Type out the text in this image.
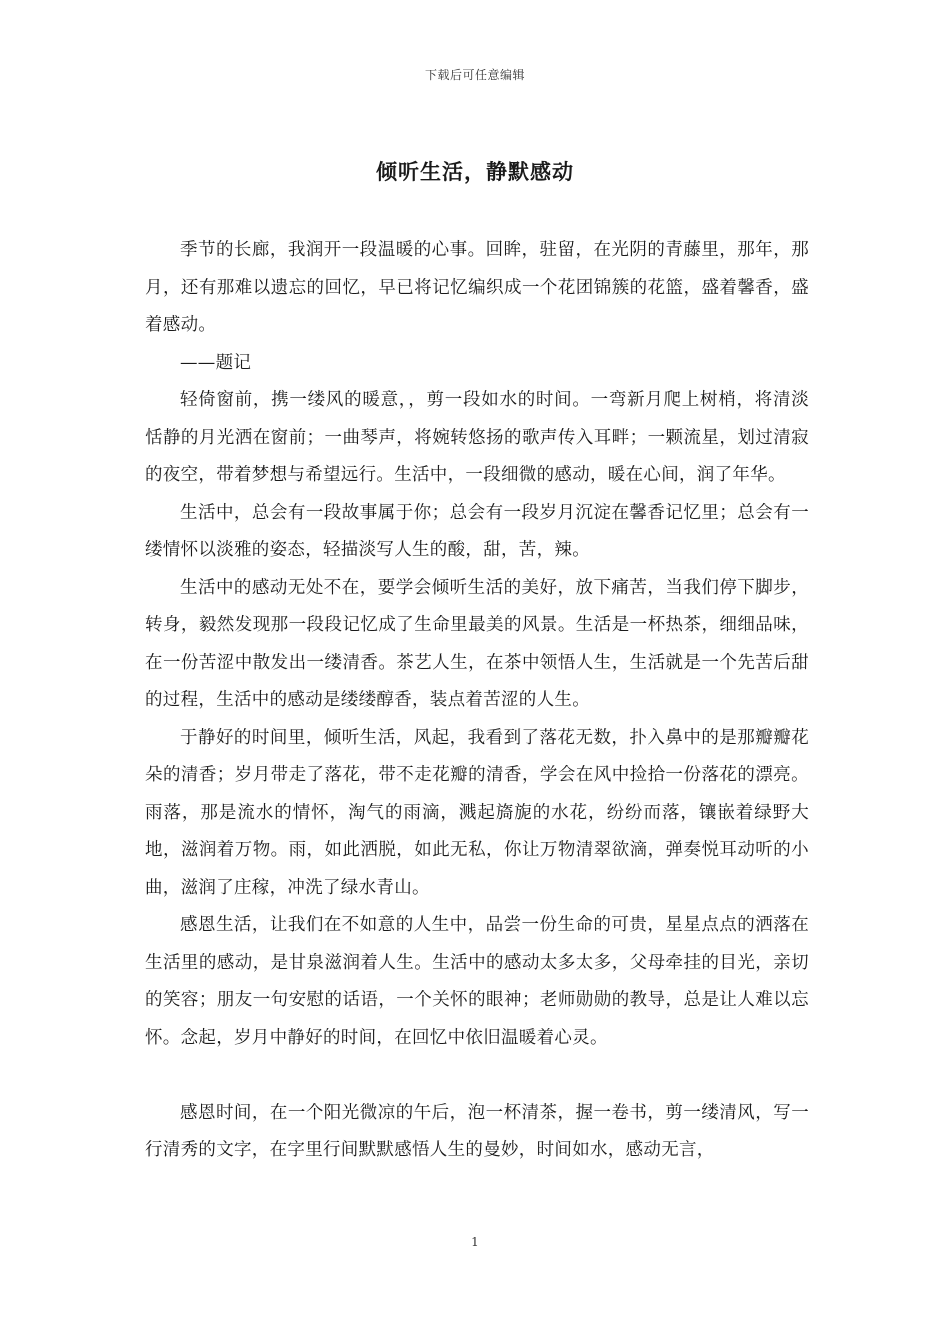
下载后可任意编辑
倾听生活，静默感动

季节的长廊，我润开一段温暖的心事。回眸，驻留，在光阴的青藤里，那年，那月，还有那难以遗忘的回忆，早已将记忆编织成一个花团锦簇的花篮，盛着馨香，盛着感动。

——题记

轻倚窗前，携一缕风的暖意，，剪一段如水的时间。一弯新月爬上树梢，将清淡恬静的月光洒在窗前；一曲琴声，将婉转悠扬的歌声传入耳畔；一颗流星，划过清寂的夜空，带着梦想与希望远行。生活中，一段细微的感动，暖在心间，润了年华。

生活中，总会有一段故事属于你；总会有一段岁月沉淀在馨香记忆里；总会有一缕情怀以淡雅的姿态，轻描淡写人生的酸，甜，苦，辣。

生活中的感动无处不在，要学会倾听生活的美好，放下痛苦，当我们停下脚步，转身，毅然发现那一段段记忆成了生命里最美的风景。生活是一杯热茶，细细品味，在一份苦涩中散发出一缕清香。茶艺人生，在茶中领悟人生，生活就是一个先苦后甜的过程，生活中的感动是缕缕醇香，装点着苦涩的人生。

于静好的时间里，倾听生活，风起，我看到了落花无数，扑入鼻中的是那瓣瓣花朵的清香；岁月带走了落花，带不走花瓣的清香，学会在风中捡拾一份落花的漂亮。雨落，那是流水的情怀，淘气的雨滴，溅起旖旎的水花，纷纷而落，镶嵌着绿野大地，滋润着万物。雨，如此洒脱，如此无私，你让万物清翠欲滴，弹奏悦耳动听的小曲，滋润了庄稼，冲洗了绿水青山。

感恩生活，让我们在不如意的人生中，品尝一份生命的可贵，星星点点的洒落在生活里的感动，是甘泉滋润着人生。生活中的感动太多太多，父母牵挂的目光，亲切的笑容；朋友一句安慰的话语，一个关怀的眼神；老师勋勋的教导，总是让人难以忘怀。念起，岁月中静好的时间，在回忆中依旧温暖着心灵。

感恩时间，在一个阳光微凉的午后，泡一杯清茶，握一卷书，剪一缕清风，写一行清秀的文字，在字里行间默默感悟人生的曼妙，时间如水，感动无言，

1
